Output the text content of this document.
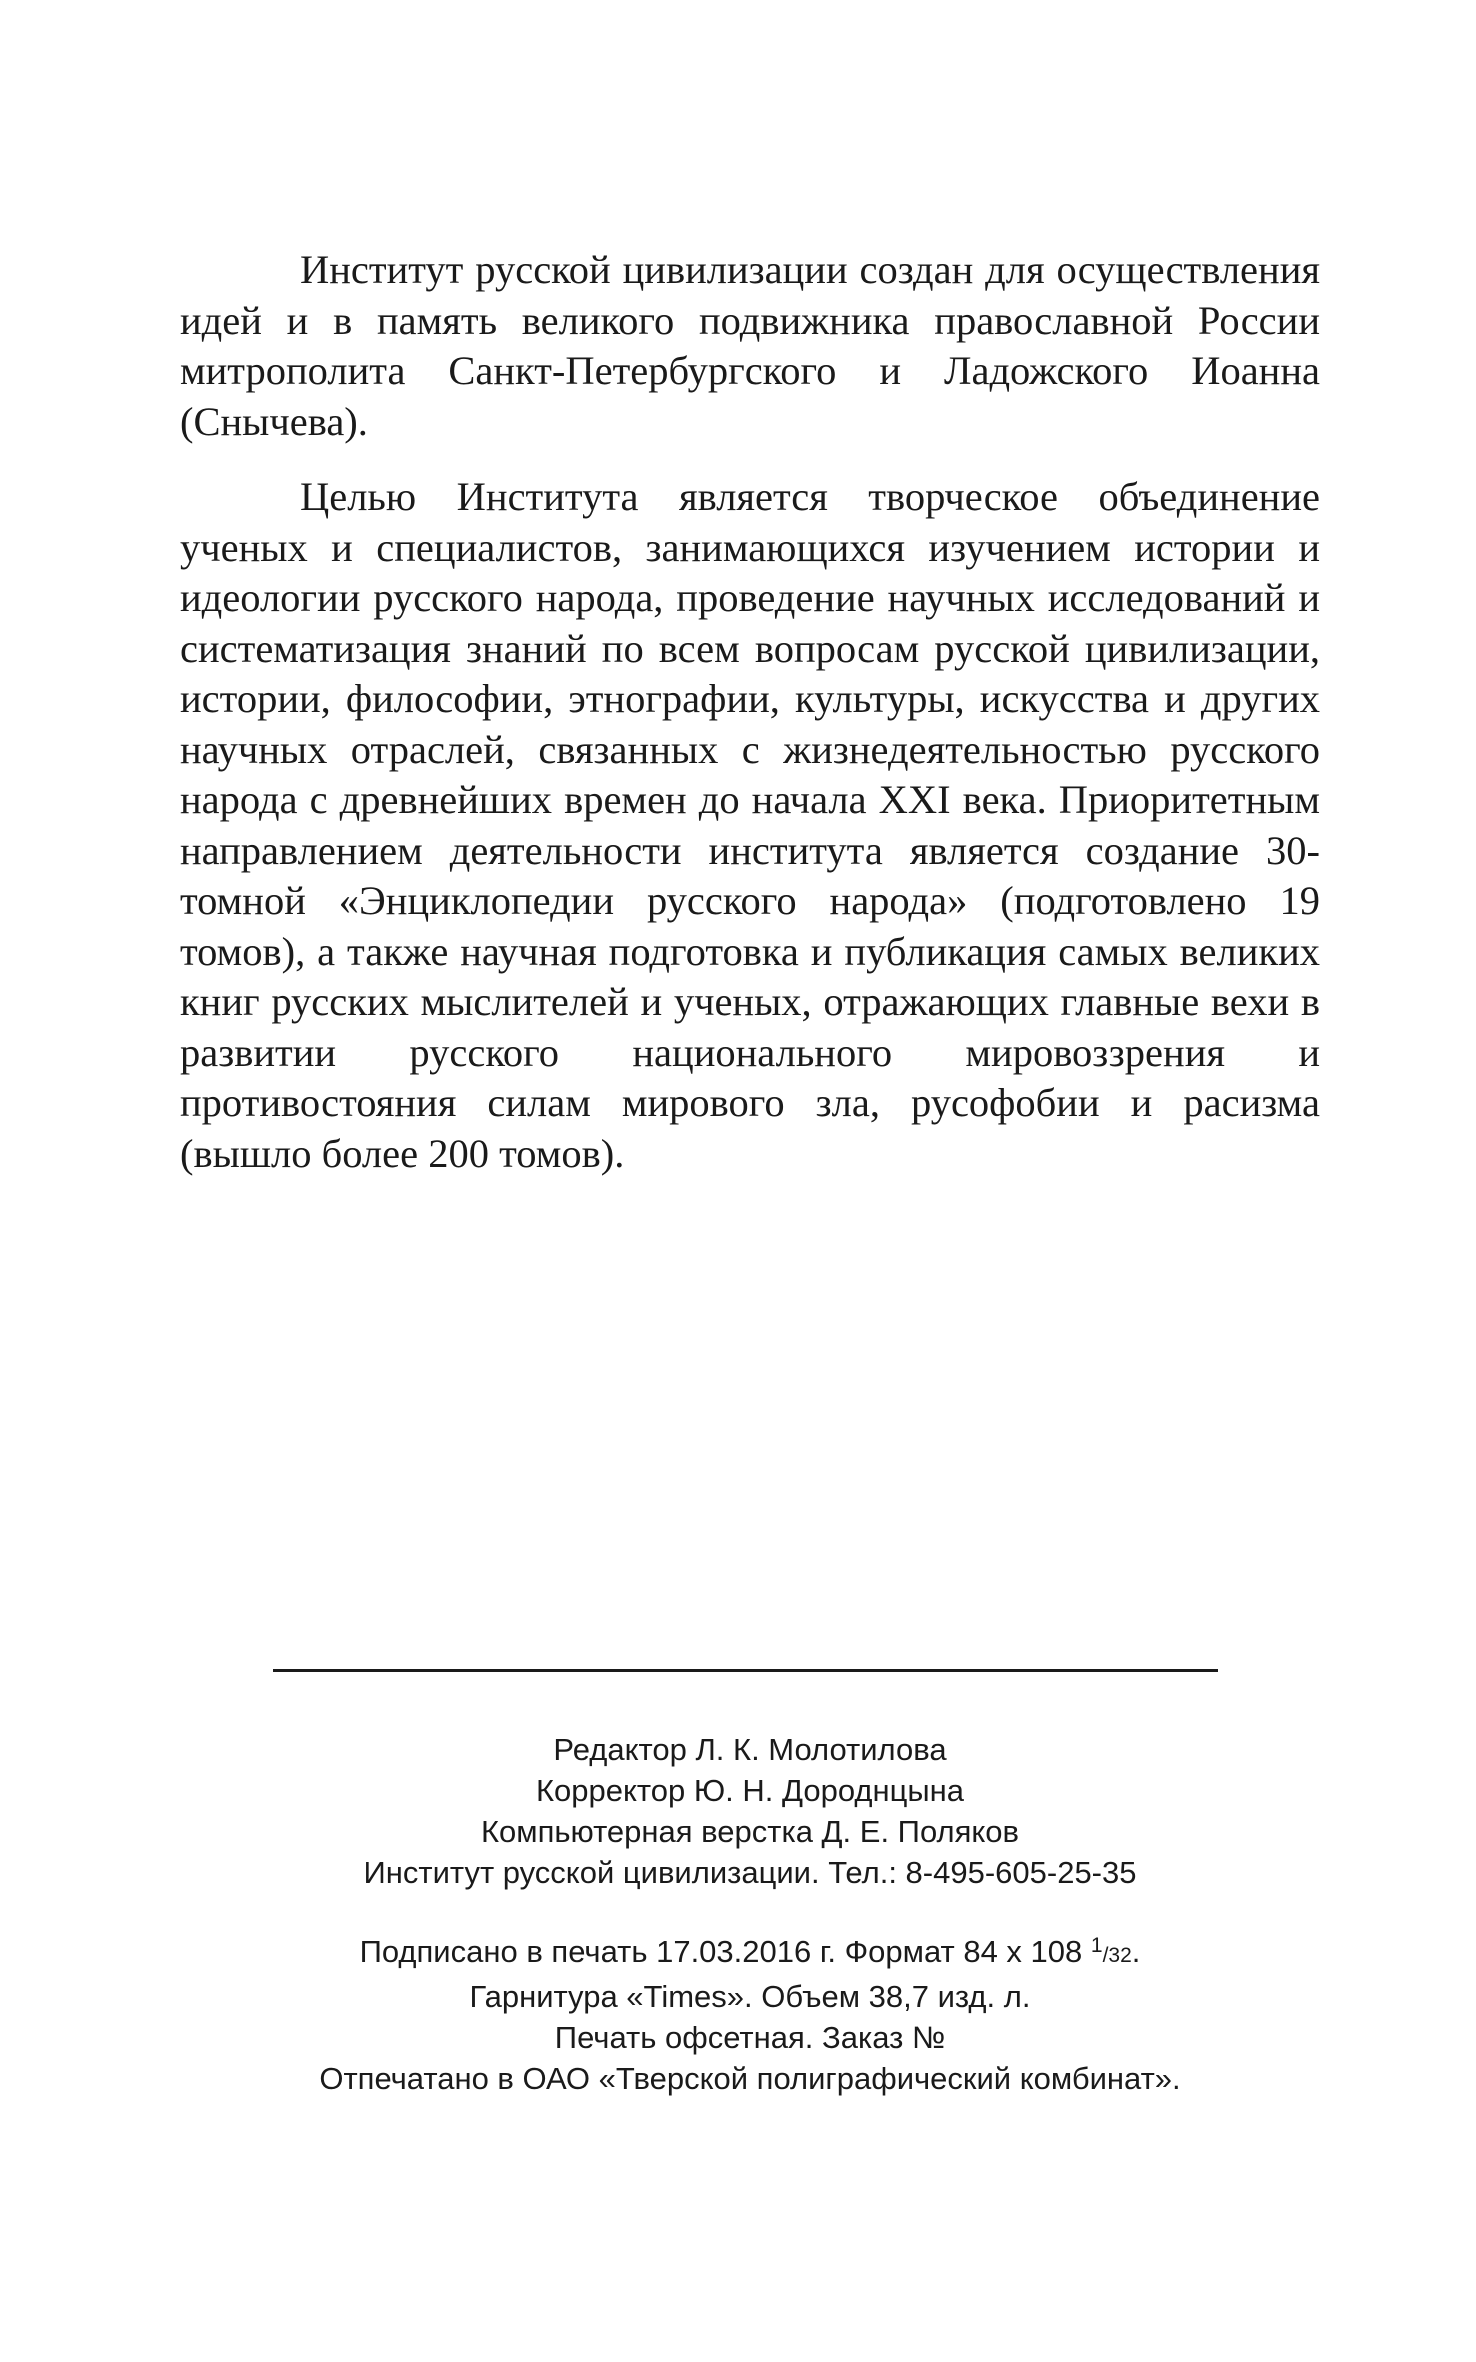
Институт русской цивилизации создан для осуществления идей и в память великого подвижника православной России митрополита Санкт-Петербургского и Ладожского Иоанна (Снычева).

Целью Института является творческое объединение ученых и специалистов, занимающихся изучением истории и идеологии русского народа, проведение научных исследований и систематизация знаний по всем вопросам русской цивилизации, истории, философии, этнографии, культуры, искусства и других научных отраслей, связанных с жизнедеятельностью русского народа с древнейших времен до начала XXI века. Приоритетным направлением деятельности института является создание 30-томной «Энциклопедии русского народа» (подготовлено 19 томов), а также научная подготовка и публикация самых великих книг русских мыслителей и ученых, отражающих главные вехи в развитии русского национального мировоззрения и противостояния силам мирового зла, русофобии и расизма (вышло более 200 томов).

Редактор Л. К. Молотилова
Корректор Ю. Н. Дороднцына
Компьютерная верстка Д. Е. Поляков
Институт русской цивилизации. Тел.: 8-495-605-25-35
Подписано в печать 17.03.2016 г. Формат 84 х 108 1/32.
Гарнитура «Times». Объем 38,7 изд. л.
Печать офсетная. Заказ №
Отпечатано в ОАО «Тверской полиграфический комбинат».
